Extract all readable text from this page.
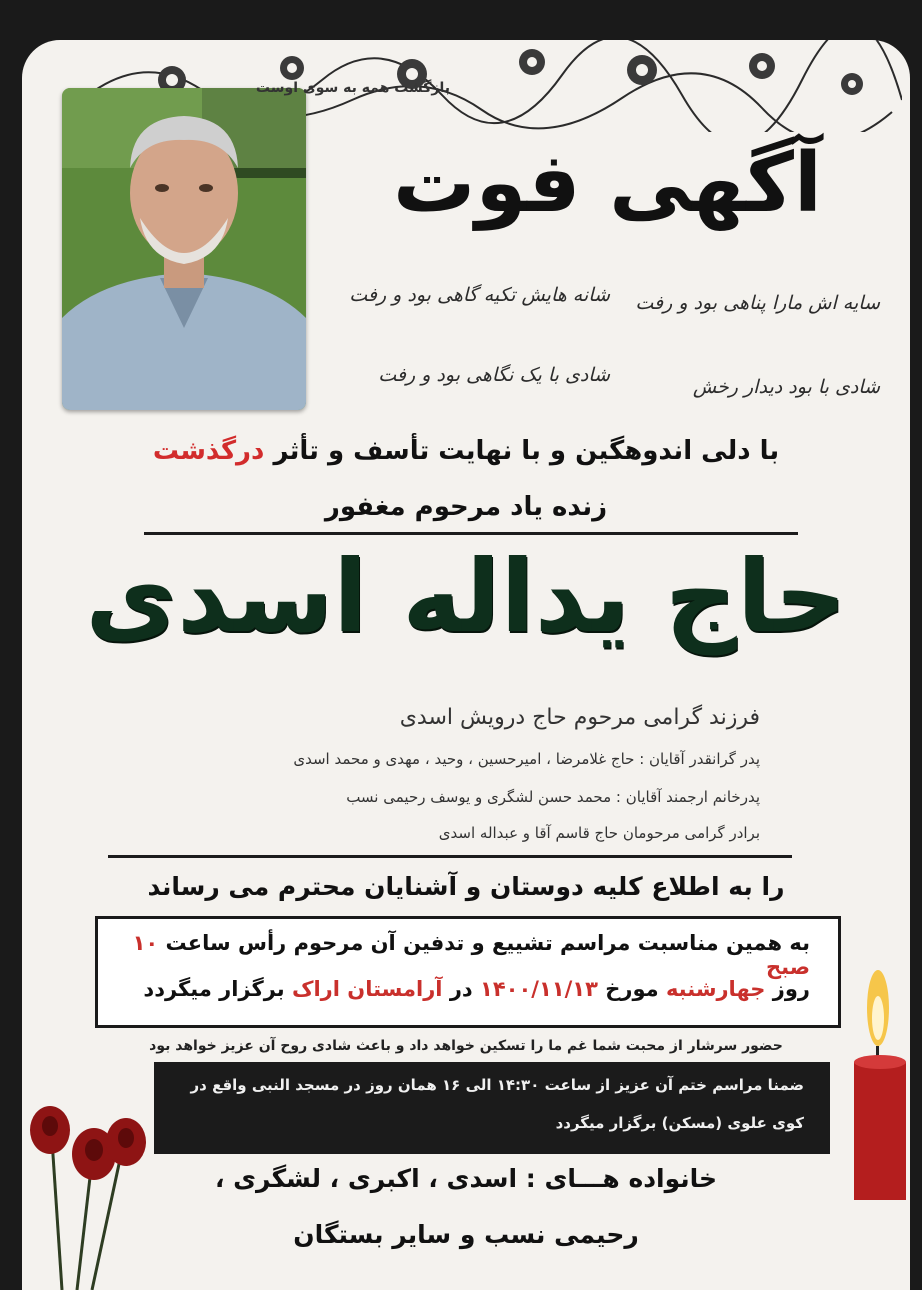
بازگشت همه به سوی اوست
آگهی فوت
شانه هایش تکیه گاهی بود و رفت سایه اش مارا پناهی بود و رفت
شادی با یک نگاهی بود و رفت
شادی با بود دیدار رخش
با دلی اندوهگین و با نهایت تأسف و تأثر درگذشت
زنده یاد مرحوم مغفور
حاج یداله اسدی
فرزند گرامی مرحوم حاج درویش اسدی
پدر گرانقدر آقایان : حاج غلامرضا ، امیرحسین ، وحید ، مهدی و محمد اسدی
پدرخانم ارجمند آقایان : محمد حسن لشگری و یوسف رحیمی نسب
برادر گرامی مرحومان حاج قاسم آقا و عبداله اسدی
را به اطلاع کلیه دوستان و آشنایان محترم می رساند
به همین مناسبت مراسم تشییع و تدفین آن مرحوم رأس ساعت ۱۰ صبح
روز جهارشنبه مورخ ۱۴۰۰/۱۱/۱۳ در آرامستان اراک برگزار میگردد
حضور سرشار از محبت شما غم ما را تسکین خواهد داد و باعث شادی روح آن عزیز خواهد بود
ضمنا مراسم ختم آن عزیز از ساعت ۱۴:۳۰ الی ۱۶ همان روز در مسجد النبی واقع در
کوی علوی (مسکن) برگزار میگردد
خانواده هـــای : اسدی ، اکبری ، لشگری ،
رحیمی نسب و سایر بستگان
